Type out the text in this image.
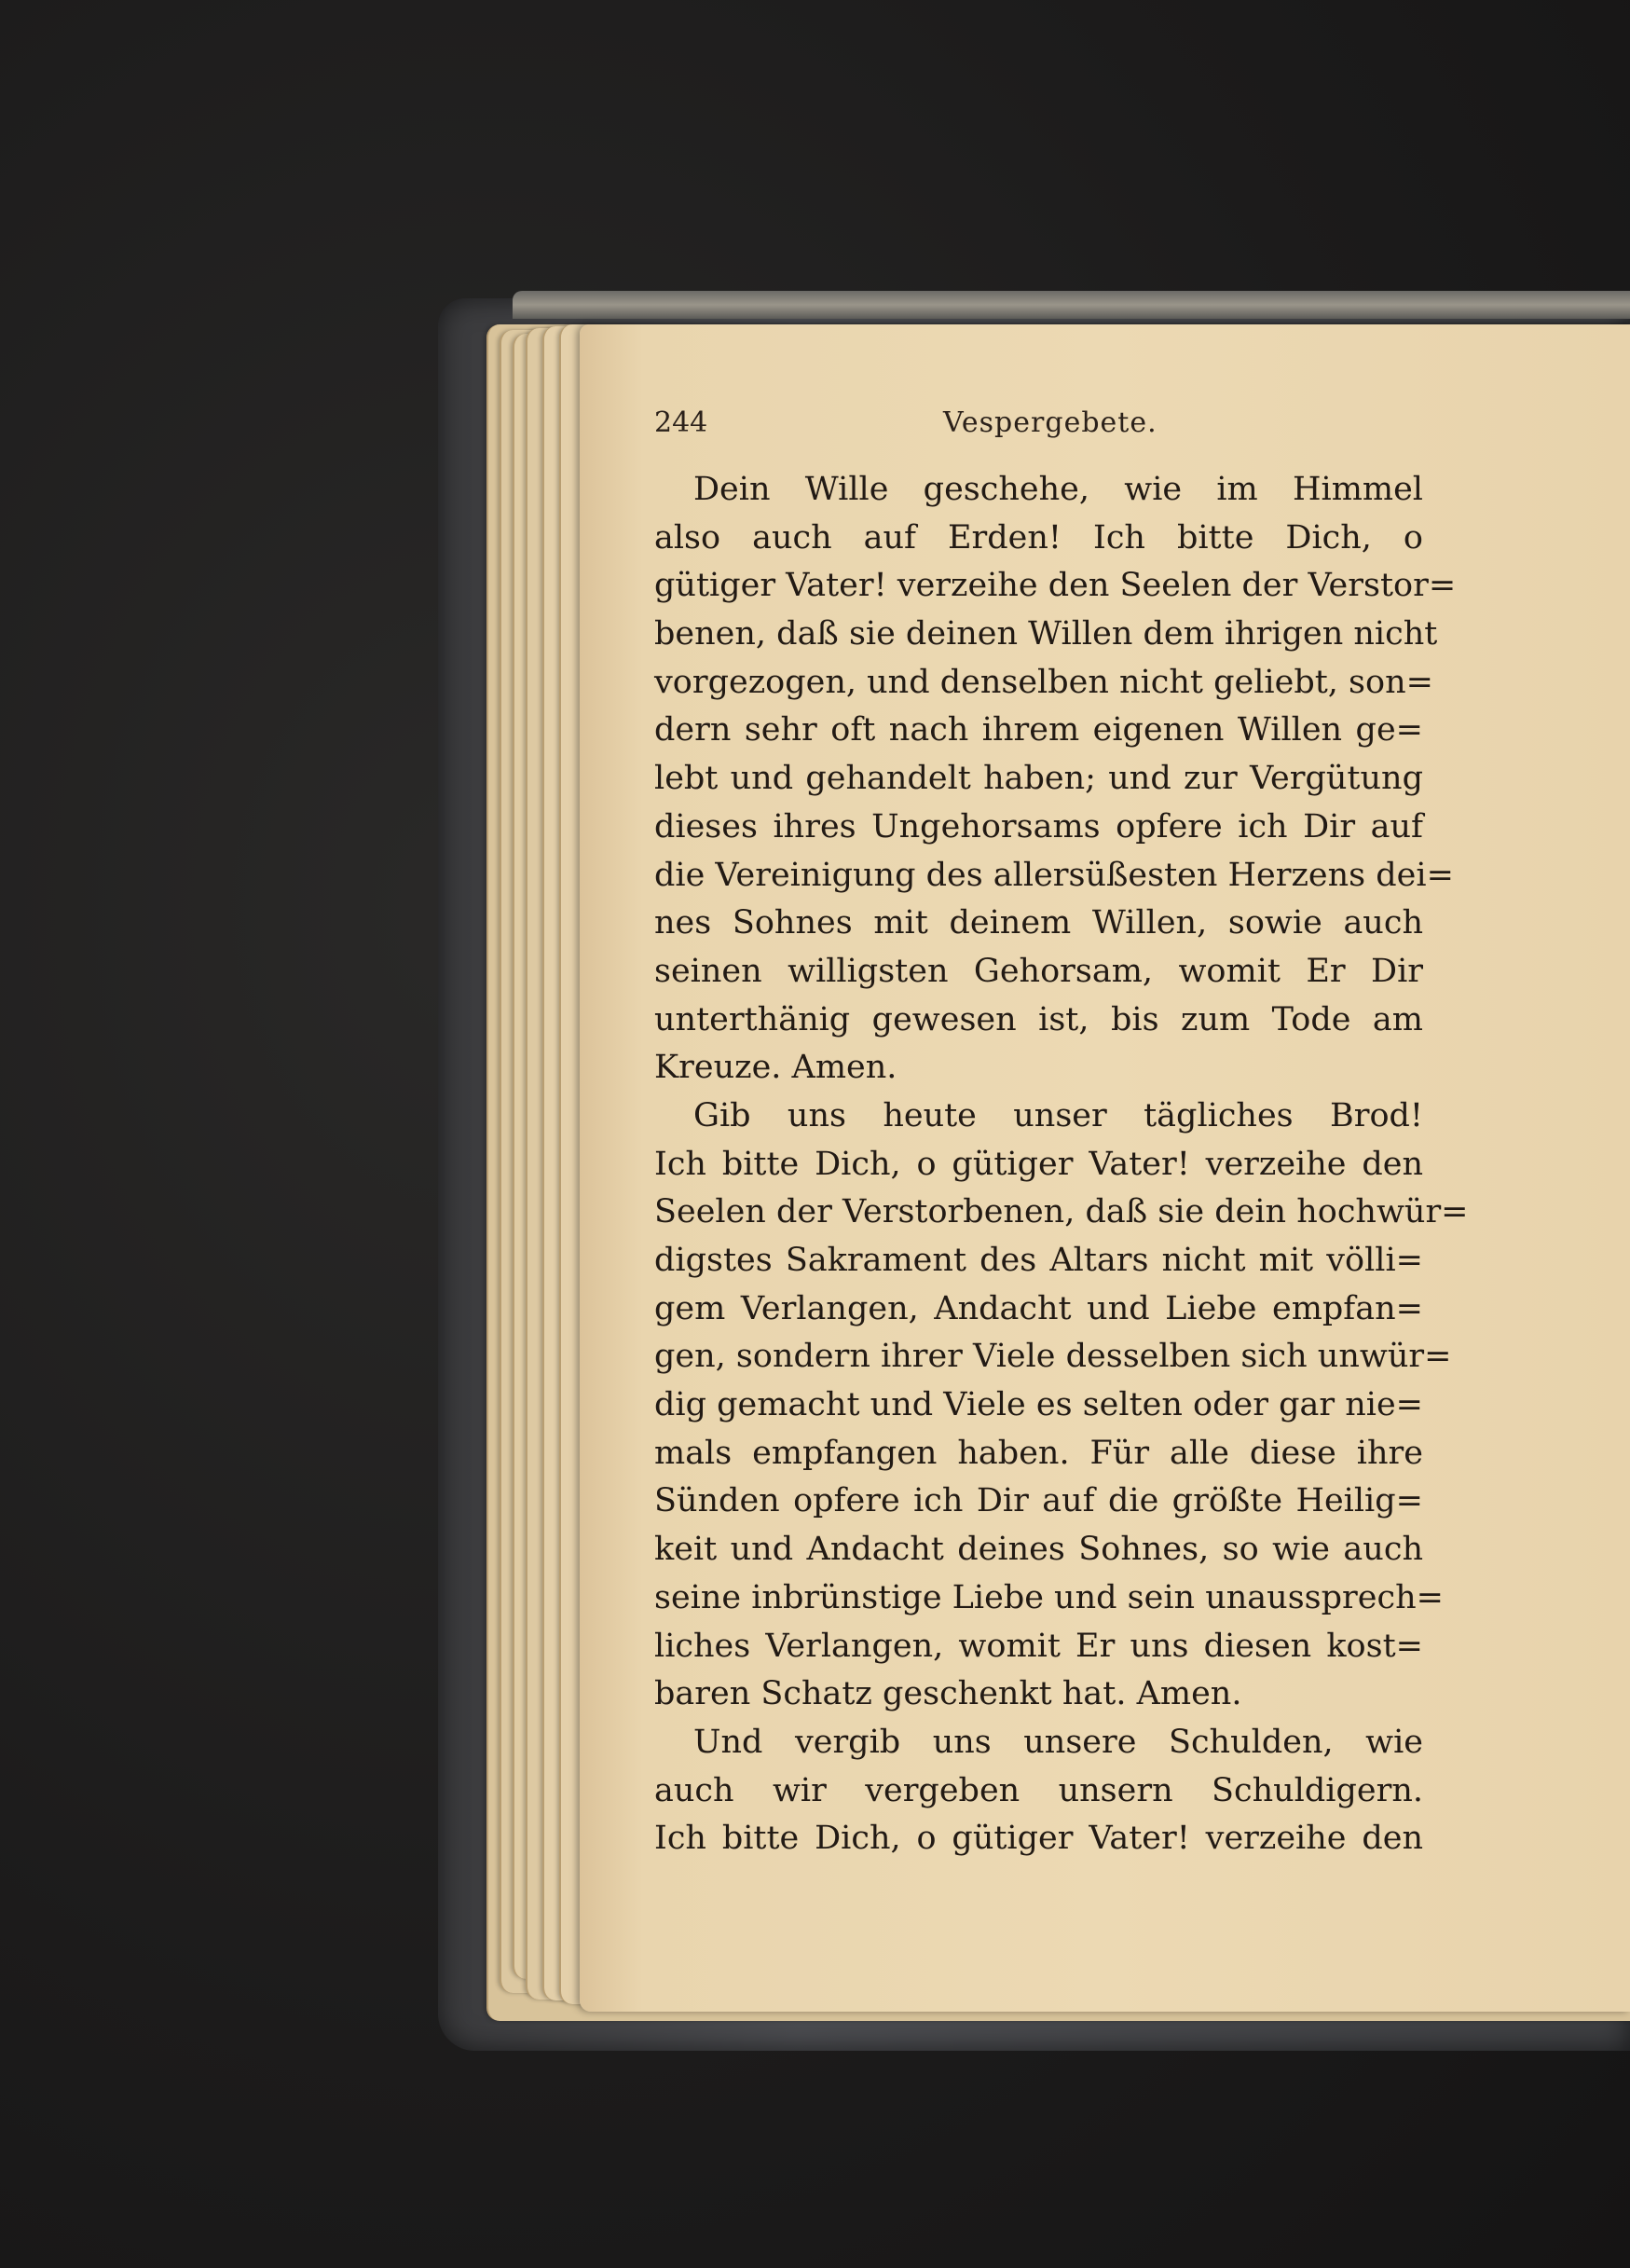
244	Vespergebete.
Dein Wille geschehe, wie im Himmel
also auch auf Erden! Ich bitte Dich, o
gütiger Vater! verzeihe den Seelen der Verstor=
benen, daß sie deinen Willen dem ihrigen nicht
vorgezogen, und denselben nicht geliebt, son=
dern sehr oft nach ihrem eigenen Willen ge=
lebt und gehandelt haben; und zur Vergütung
dieses ihres Ungehorsams opfere ich Dir auf
die Vereinigung des allersüßesten Herzens dei=
nes Sohnes mit deinem Willen, sowie auch
seinen willigsten Gehorsam, womit Er Dir
unterthänig gewesen ist, bis zum Tode am
Kreuze. Amen.
Gib uns heute unser tägliches Brod!
Ich bitte Dich, o gütiger Vater! verzeihe den
Seelen der Verstorbenen, daß sie dein hochwür=
digstes Sakrament des Altars nicht mit völli=
gem Verlangen, Andacht und Liebe empfan=
gen, sondern ihrer Viele desselben sich unwür=
dig gemacht und Viele es selten oder gar nie=
mals empfangen haben. Für alle diese ihre
Sünden opfere ich Dir auf die größte Heilig=
keit und Andacht deines Sohnes, so wie auch
seine inbrünstige Liebe und sein unaussprech=
liches Verlangen, womit Er uns diesen kost=
baren Schatz geschenkt hat. Amen.
Und vergib uns unsere Schulden, wie
auch wir vergeben unsern Schuldigern.
Ich bitte Dich, o gütiger Vater! verzeihe den
